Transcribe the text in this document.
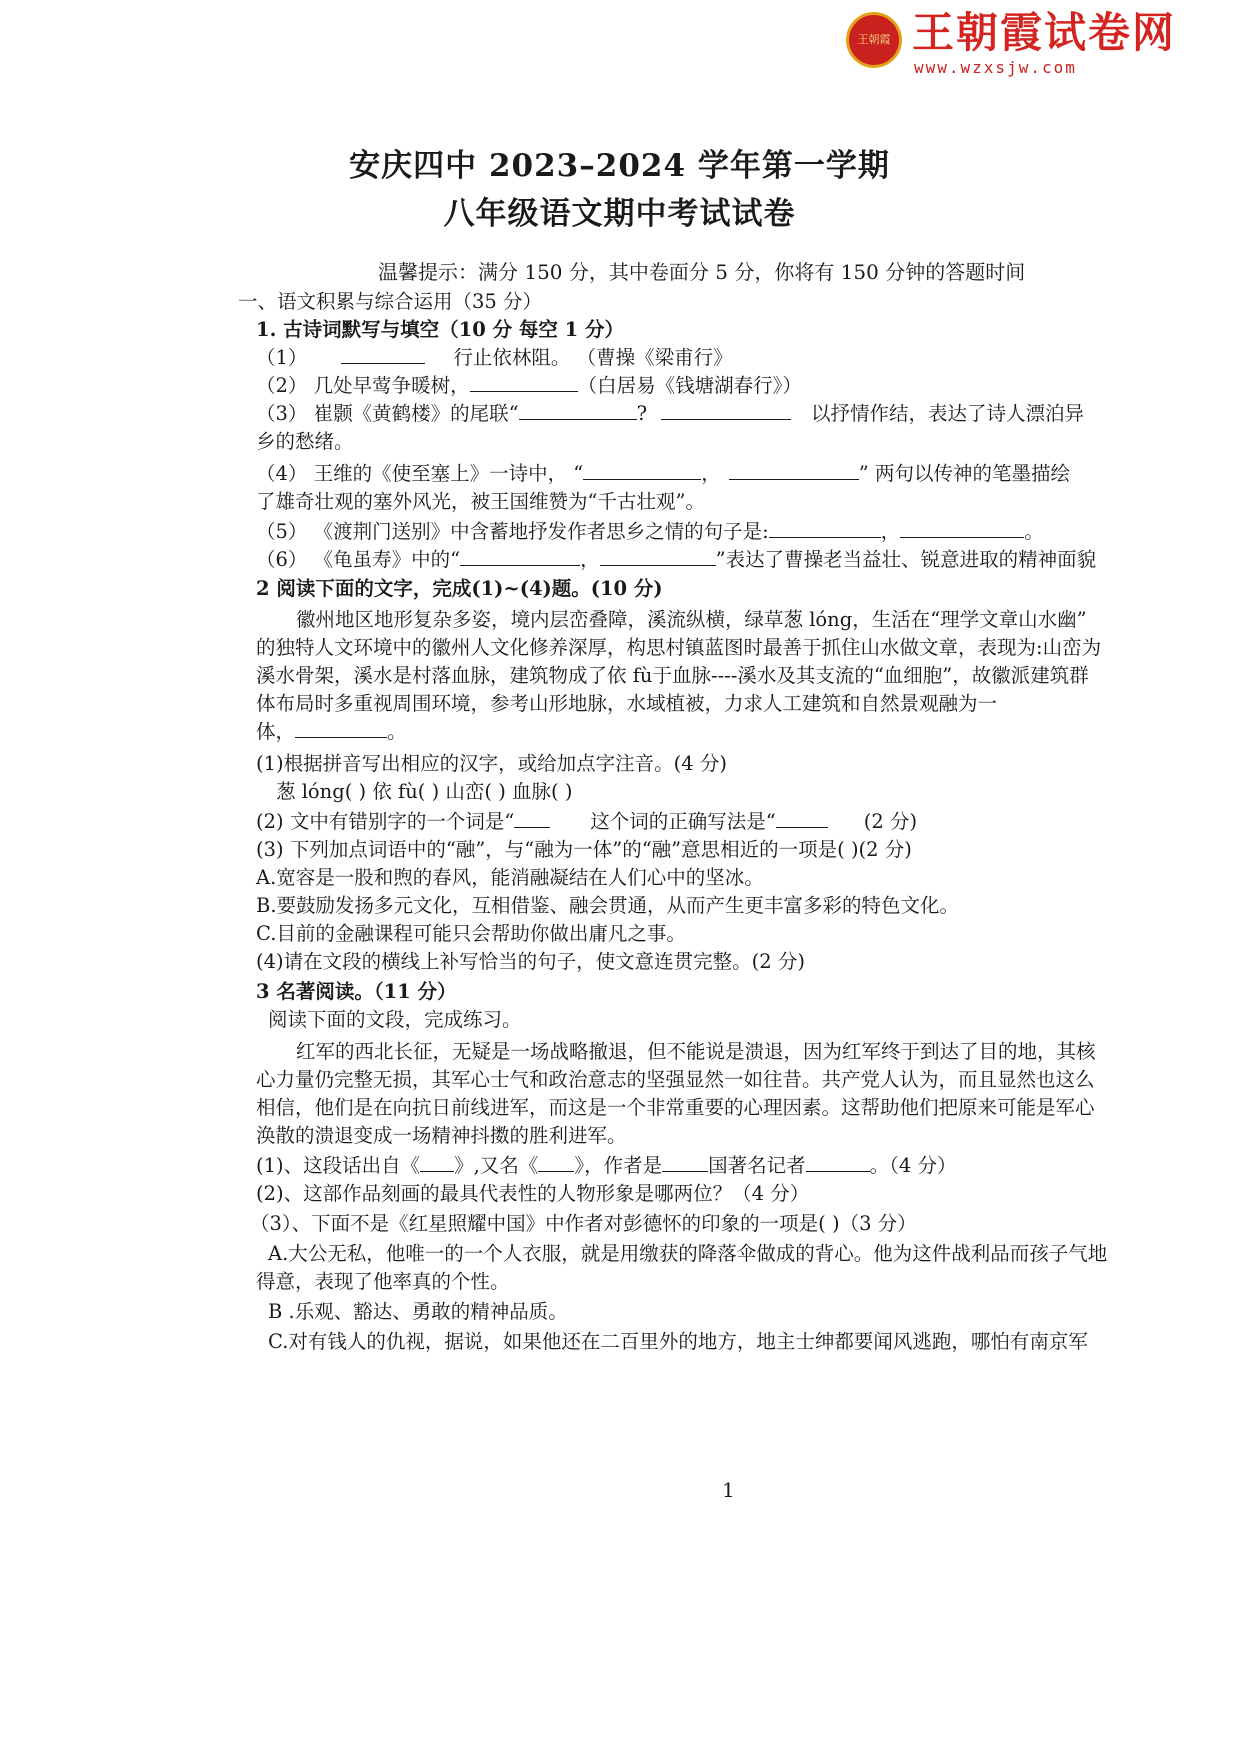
王朝霞 王朝霞试卷网
www.wzxsjw.com
安庆四中 2023–2024 学年第一学期
八年级语文期中考试试卷
温馨提示：满分 150 分，其中卷面分 5 分，你将有 150 分钟的答题时间
一、语文积累与综合运用（35 分）
1. 古诗词默写与填空（10 分 每空 1 分）
（1）	行止依林阻。 （曹操《梁甫行》
（2） 几处早莺争暖树，	（白居易《钱塘湖春行》）
（3） 崔颢《黄鹤楼》的尾联“	?	以抒情作结，表达了诗人漂泊异
乡的愁绪。
（4） 王维的《使至塞上》一诗中， “	，	” 两句以传神的笔墨描绘
了雄奇壮观的塞外风光，被王国维赞为“千古壮观”。
（5） 《渡荆门送别》中含蓄地抒发作者思乡之情的句子是:	，	。
（6） 《龟虽寿》中的“	，	”表达了曹操老当益壮、锐意进取的精神面貌
2 阅读下面的文字，完成(1)~(4)题。(10 分)
徽州地区地形复杂多姿，境内层峦叠障，溪流纵横，绿草葱 lóng，生活在“理学文章山水幽”
的独特人文环境中的徽州人文化修养深厚，构思村镇蓝图时最善于抓住山水做文章，表现为:山峦为
溪水骨架，溪水是村落血脉，建筑物成了依 fù于血脉----溪水及其支流的“血细胞”，故徽派建筑群
体布局时多重视周围环境，参考山形地脉，水域植被，力求人工建筑和自然景观融为一
体，	。
(1)根据拼音写出相应的汉字，或给加点字注音。(4 分)
葱 lóng( ) 依 fù( ) 山峦( ) 血脉( )
(2) 文中有错别字的一个词是“	这个词的正确写法是“	(2 分)
(3) 下列加点词语中的“融”，与“融为一体”的“融”意思相近的一项是( )(2 分)
A.宽容是一股和煦的春风，能消融凝结在人们心中的坚冰。
B.要鼓励发扬多元文化，互相借鉴、融会贯通，从而产生更丰富多彩的特色文化。
C.目前的金融课程可能只会帮助你做出庸凡之事。
(4)请在文段的横线上补写恰当的句子，使文意连贯完整。(2 分)
3 名著阅读。（11 分）
阅读下面的文段，完成练习。
红军的西北长征，无疑是一场战略撤退，但不能说是溃退，因为红军终于到达了目的地，其核
心力量仍完整无损，其军心士气和政治意志的坚强显然一如往昔。共产党人认为，而且显然也这么
相信，他们是在向抗日前线进军，而这是一个非常重要的心理因素。这帮助他们把原来可能是军心
涣散的溃退变成一场精神抖擞的胜利进军。
(1)、这段话出自《 》,又名《 》，作者是 国著名记者	。（4 分）
(2)、这部作品刻画的最具代表性的人物形象是哪两位？（4 分）
（3）、下面不是《红星照耀中国》中作者对彭德怀的印象的一项是( )（3 分）
A.大公无私，他唯一的一个人衣服，就是用缴获的降落伞做成的背心。他为这件战利品而孩子气地
得意，表现了他率真的个性。
B .乐观、豁达、勇敢的精神品质。
C.对有钱人的仇视，据说，如果他还在二百里外的地方，地主士绅都要闻风逃跑，哪怕有南京军
1
